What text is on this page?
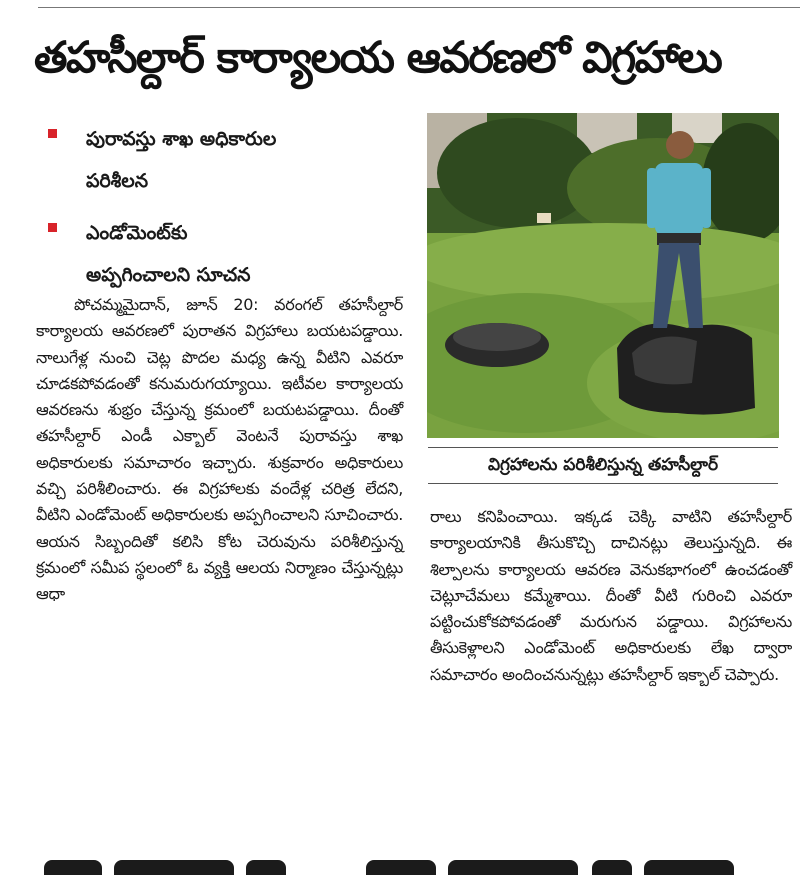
తహసీల్దార్ కార్యాలయ ఆవరణలో విగ్రహాలు
పురావస్తు శాఖ అధికారుల
పరిశీలన
ఎండోమెంట్‌కు
అప్పగించాలని సూచన
పోచమ్మమైదాన్, జూన్ 20: వరంగల్ తహసీల్దార్ కార్యాలయ ఆవరణలో పురాతన విగ్రహాలు బయటపడ్డాయి. నాలుగేళ్ల నుంచి చెట్ల పొదల మధ్య ఉన్న వీటిని ఎవరూ చూడకపోవడంతో కనుమరుగయ్యాయి. ఇటీవల కార్యాలయ ఆవరణను శుభ్రం చేస్తున్న క్రమంలో బయటపడ్డాయి. దీంతో తహసీల్దార్ ఎండీ ఎక్బాల్ వెంటనే పురావస్తు శాఖ అధికారులకు సమాచారం ఇచ్చారు. శుక్రవారం అధికారులు వచ్చి పరిశీలించారు. ఈ విగ్రహాలకు వందేళ్ల చరిత్ర లేదని, వీటిని ఎండోమెంట్ అధికారులకు అప్పగించాలని సూచించారు. ఆయన సిబ్బందితో కలిసి కోట చెరువును పరిశీలిస్తున్న క్రమంలో సమీప స్థలంలో ఓ వ్యక్తి ఆలయ నిర్మాణం చేస్తున్నట్లు ఆధా
విగ్రహాలను పరిశీలిస్తున్న తహసీల్దార్
రాలు కనిపించాయి. ఇక్కడ చెక్కి వాటిని తహసీల్దార్ కార్యాలయానికి తీసుకొచ్చి దాచినట్లు తెలుస్తున్నది. ఈ శిల్పాలను కార్యాలయ ఆవరణ వెనుకభాగంలో ఉంచడంతో చెట్లూచేమలు కమ్మేశాయి. దీంతో వీటి గురించి ఎవరూ పట్టించుకోకపోవడంతో మరుగున పడ్డాయి. విగ్రహాలను తీసుకెళ్లాలని ఎండోమెంట్ అధికారులకు లేఖ ద్వారా సమాచారం అందించనున్నట్లు తహసీల్దార్ ఇక్బాల్ చెప్పారు.
